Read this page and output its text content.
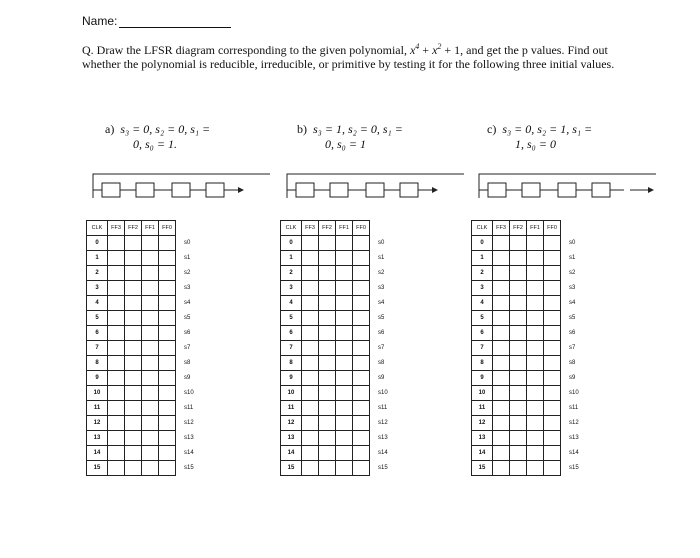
Name:
Q. Draw the LFSR diagram corresponding to the given polynomial, $x^4 + x^2 + 1$, and get the p values. Find out whether the polynomial is reducible, irreducible, or primitive by testing it for the following three initial values.
a) s₃ = 0, s₂ = 0, s₁ =
0, s₀ = 1.
b) s₃ = 1, s₂ = 0, s₁ =
0, s₀ = 1
c) s₃ = 0, s₂ = 1, s₁ =
1, s₀ = 0
CLK	FF3	FF2	FF1	FF0	
0					s0
1					s1
2					s2
3					s3
4					s4
5					s5
6					s6
7					s7
8					s8
9					s9
10					s10
11					s11
12					s12
13					s13
14					s14
15					s15
CLK	FF3	FF2	FF1	FF0	
0					s0
1					s1
2					s2
3					s3
4					s4
5					s5
6					s6
7					s7
8					s8
9					s9
10					s10
11					s11
12					s12
13					s13
14					s14
15					s15
CLK	FF3	FF2	FF1	FF0	
0					s0
1					s1
2					s2
3					s3
4					s4
5					s5
6					s6
7					s7
8					s8
9					s9
10					s10
11					s11
12					s12
13					s13
14					s14
15					s15
